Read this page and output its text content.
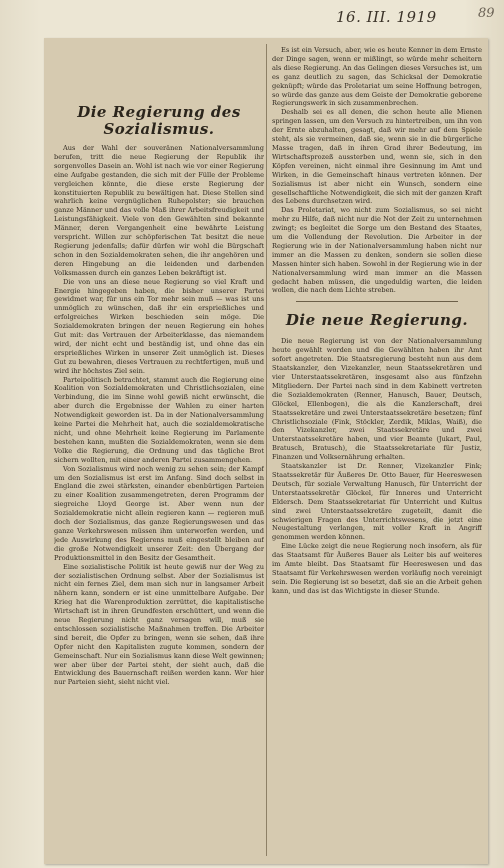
16. III. 1919	89
Die Regierung des
Sozialismus.

Aus der Wahl der souveränen Nationalversammlung berufen, tritt die neue Regierung der Republik ihr sorgenvolles Dasein an. Wohl ist nach wie vor einer Regierung eine Aufgabe gestanden, die sich mit der Fülle der Probleme vergleichen könnte, die diese erste Regierung der konstituierten Republik zu bewältigen hat. Diese Stellen sind wahrlich keine vergnüglichen Ruhepolster; sie brauchen ganze Männer und das volle Maß ihrer Arbeitsfreudigkeit und Leistungsfähigkeit. Viele von den Gewählten sind bekannte Männer, deren Vergangenheit eine bewährte Leistung verspricht. Willen zur schöpferischen Tat besitzt die neue Regierung jedenfalls; dafür dürfen wir wohl die Bürgschaft schon in den Sozialdemokraten sehen, die ihr angehören und deren Hingebung an die leidenden und darbenden Volksmassen durch ein ganzes Leben bekräftigt ist.

Die von uns an diese neue Regierung so viel Kraft und Energie hingegeben haben, die bisher unserer Partei gewidmet war, für uns ein Tor mehr sein muß — was ist uns unmöglich zu wünschen, daß ihr ein ersprießliches und erfolgreiches Wirken beschieden sein möge. Die Sozialdemokraten bringen der neuen Regierung ein hohes Gut mit: das Vertrauen der Arbeiterklasse, das niemandem wird, der nicht echt und beständig ist, und ohne das ein ersprießliches Wirken in unserer Zeit unmöglich ist. Dieses Gut zu bewahren, dieses Vertrauen zu rechtfertigen, muß und wird ihr höchstes Ziel sein.

Parteipolitisch betrachtet, stammt auch die Regierung eine Koalition von Sozialdemokraten und Christlichsozialen, eine Verbindung, die im Sinne wohl gewiß nicht erwünscht, die aber durch die Ergebnisse der Wahlen zu einer harten Notwendigkeit geworden ist. Da in der Nationalversammlung keine Partei die Mehrheit hat, auch die sozialdemokratische nicht, und ohne Mehrheit keine Regierung im Parlamente bestehen kann, mußten die Sozialdemokraten, wenn sie dem Volke die Regierung, die Ordnung und das tägliche Brot sichern wollten, mit einer anderen Partei zusammengehen.

Von Sozialismus wird noch wenig zu sehen sein; der Kampf um den Sozialismus ist erst im Anfang. Sind doch selbst in England die zwei stärksten, einander ebenbürtigen Parteien zu einer Koalition zusammengetreten, deren Programm der siegreiche Lloyd George ist. Aber wenn nun der Sozialdemokratie nicht allein regieren kann — regieren muß doch der Sozialismus, das ganze Regierungswesen und das ganze Verkehrswesen müssen ihm unterworfen werden, und jede Auswirkung des Regierens muß eingestellt bleiben auf die große Notwendigkeit unserer Zeit: den Übergang der Produktionsmittel in den Besitz der Gesamtheit.

Eine sozialistische Politik ist heute gewiß nur der Weg zu der sozialistischen Ordnung selbst. Aber der Sozialismus ist nicht ein fernes Ziel, dem man sich nur in langsamer Arbeit nähern kann, sondern er ist eine unmittelbare Aufgabe. Der Krieg hat die Warenproduktion zerrüttet, die kapitalistische Wirtschaft ist in ihren Grundfesten erschüttert, und wenn die neue Regierung nicht ganz versagen will, muß sie entschlossen sozialistische Maßnahmen treffen. Die Arbeiter sind bereit, die Opfer zu bringen, wenn sie sehen, daß ihre Opfer nicht den Kapitalisten zugute kommen, sondern der Gemeinschaft. Nur ein Sozialismus kann diese Welt gewinnen; wer aber über der Partei steht, der sieht auch, daß die Entwicklung des Bauernschaft reißen werden kann. Wer hier nur Parteien sieht, sieht nicht viel.

Es ist ein Versuch, aber, wie es heute Kenner in dem Ernste der Dinge sagen, wenn er mißlingt, so würde mehr scheitern als diese Regierung. An das Gelingen dieses Versuches ist, um es ganz deutlich zu sagen, das Schicksal der Demokratie geknüpft; würde das Proletariat um seine Hoffnung betrogen, so würde das ganze aus dem Geiste der Demokratie geborene Regierungswerk in sich zusammenbrechen.

Deshalb sei es all denen, die schon heute alle Mienen springen lassen, um den Versuch zu hintertreiben, um ihn von der Ernte abzuhalten, gesagt, daß wir mehr auf dem Spiele steht, als sie vermeinen, daß sie, wenn sie in die bürgerliche Masse tragen, daß in ihren Grad ihrer Bedeutung, im Wirtschaftsprozeß aussterben und, wenn sie, sich in den Köpfen vereinen, nicht einmal ihre Gesinnung im Amt und Wirken, in die Gemeinschaft hinaus vertreten können. Der Sozialismus ist aber nicht ein Wunsch, sondern eine gesellschaftliche Notwendigkeit, die sich mit der ganzen Kraft des Lebens durchsetzen wird.

Das Proletariat, wo nicht zum Sozialismus, so sei nicht mehr zu Hilfe, daß nicht nur die Not der Zeit zu unternehmen zwingt; es begleitet die Sorge um den Bestand des Staates, um die Vollendung der Revolution. Die Arbeiter in der Regierung wie in der Nationalversammlung haben nicht nur immer an die Massen zu denken, sondern sie sollen diese Massen hinter sich haben. Sowohl in der Regierung wie in der Nationalversammlung wird man immer an die Massen gedacht haben müssen, die ungeduldig warten, die leiden wollen, die nach dem Lichte streben.

Die neue Regierung.

Die neue Regierung ist von der Nationalversammlung heute gewählt worden und die Gewählten haben ihr Amt sofort angetreten. Die Staatsregierung besteht nun aus dem Staatskanzler, den Vizekanzler, neun Staatssekretären und vier Unterstaatssekretären, insgesamt also aus fünfzehn Mitgliedern. Der Partei nach sind in dem Kabinett vertreten die Sozialdemokraten (Renner, Hanusch, Bauer, Deutsch, Glöckel, Ellenbogen), die als die Kanzlerschaft, drei Staatssekretäre und zwei Unterstaatssekretäre besetzen; fünf Christlichsoziale (Fink, Stöckler, Zerdik, Miklas, Waiß), die den Vizekanzler, zwei Staatssekretäre und zwei Unterstaatssekretäre haben, und vier Beamte (Jukart, Paul, Bratusch, Bratusch), die Staatssekretariate für Justiz, Finanzen und Volksernährung erhalten.

Staatskanzler ist Dr. Renner, Vizekanzler Fink; Staatssekretär für Äußeres Dr. Otto Bauer, für Heereswesen Deutsch, für soziale Verwaltung Hanusch, für Unterricht der Unterstaatssekretär Glöckel, für Inneres und Unterricht Eldersch. Dem Staatssekretariat für Unterricht und Kultus sind zwei Unterstaatssekretäre zugeteilt, damit die schwierigen Fragen des Unterrichtswesens, die jetzt eine Neugestaltung verlangen, mit voller Kraft in Angriff genommen werden können.

Eine Lücke zeigt die neue Regierung noch insofern, als für das Staatsamt für Äußeres Bauer als Leiter bis auf weiteres im Amte bleibt. Das Staatsamt für Heereswesen und das Staatsamt für Verkehrswesen werden vorläufig noch vereinigt sein. Die Regierung ist so besetzt, daß sie an die Arbeit gehen kann, und das ist das Wichtigste in dieser Stunde.
